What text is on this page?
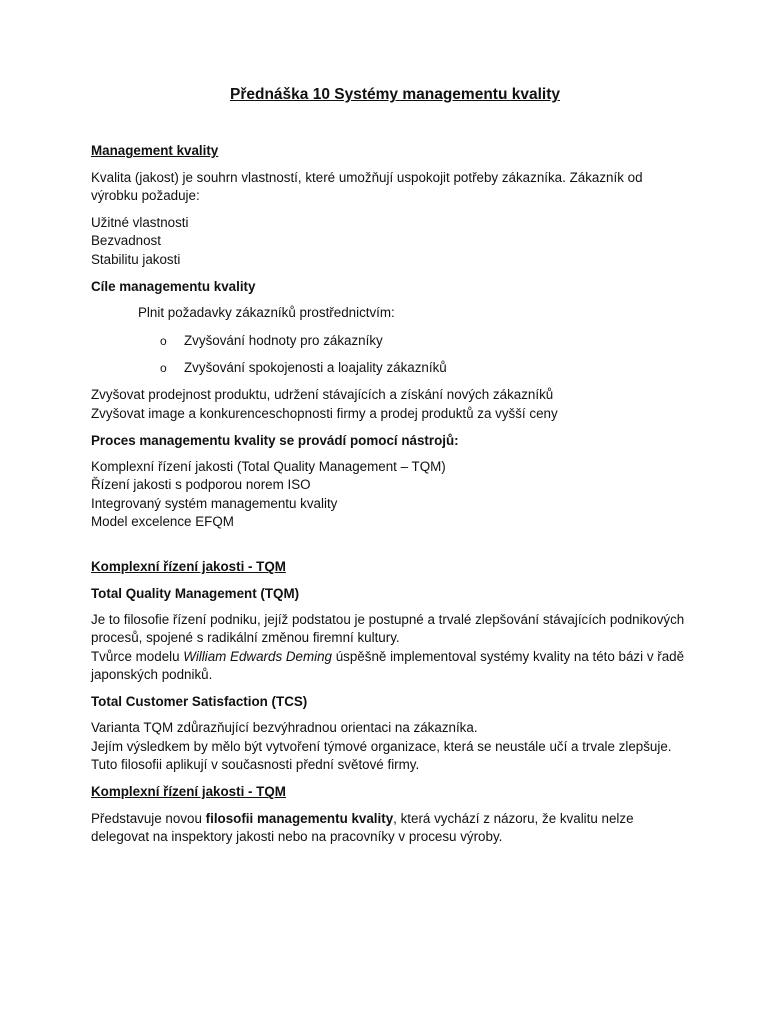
Přednáška 10 Systémy managementu kvality
Management kvality

Kvalita (jakost) je souhrn vlastností, které umožňují uspokojit potřeby zákazníka. Zákazník od výrobku požaduje:

Užitné vlastnosti
Bezvadnost
Stabilitu jakosti
Cíle managementu kvality

Plnit požadavky zákazníků prostřednictvím:

o Zvyšování hodnoty pro zákazníky
o Zvyšování spokojenosti a loajality zákazníků
Zvyšovat prodejnost produktu, udržení stávajících a získání nových zákazníků
Zvyšovat image a konkurenceschopnosti firmy a prodej produktů za vyšší ceny
Proces managementu kvality se provádí pomocí nástrojů:
Komplexní řízení jakosti (Total Quality Management – TQM)
Řízení jakosti s podporou norem ISO
Integrovaný systém managementu kvality
Model excelence EFQM
Komplexní řízení jakosti - TQM
Total Quality Management (TQM)
Je to filosofie řízení podniku, jejíž podstatou je postupné a trvalé zlepšování stávajících podnikových procesů, spojené s radikální změnou firemní kultury.
Tvůrce modelu William Edwards Deming úspěšně implementoval systémy kvality na této bázi v řadě japonských podniků.
Total Customer Satisfaction (TCS)
Varianta TQM zdůrazňující bezvýhradnou orientaci na zákazníka.
Jejím výsledkem by mělo být vytvoření týmové organizace, která se neustále učí a trvale zlepšuje.
Tuto filosofii aplikují v současnosti přední světové firmy.
Komplexní řízení jakosti - TQM

Představuje novou filosofii managementu kvality, která vychází z názoru, že kvalitu nelze delegovat na inspektory jakosti nebo na pracovníky v procesu výroby.
